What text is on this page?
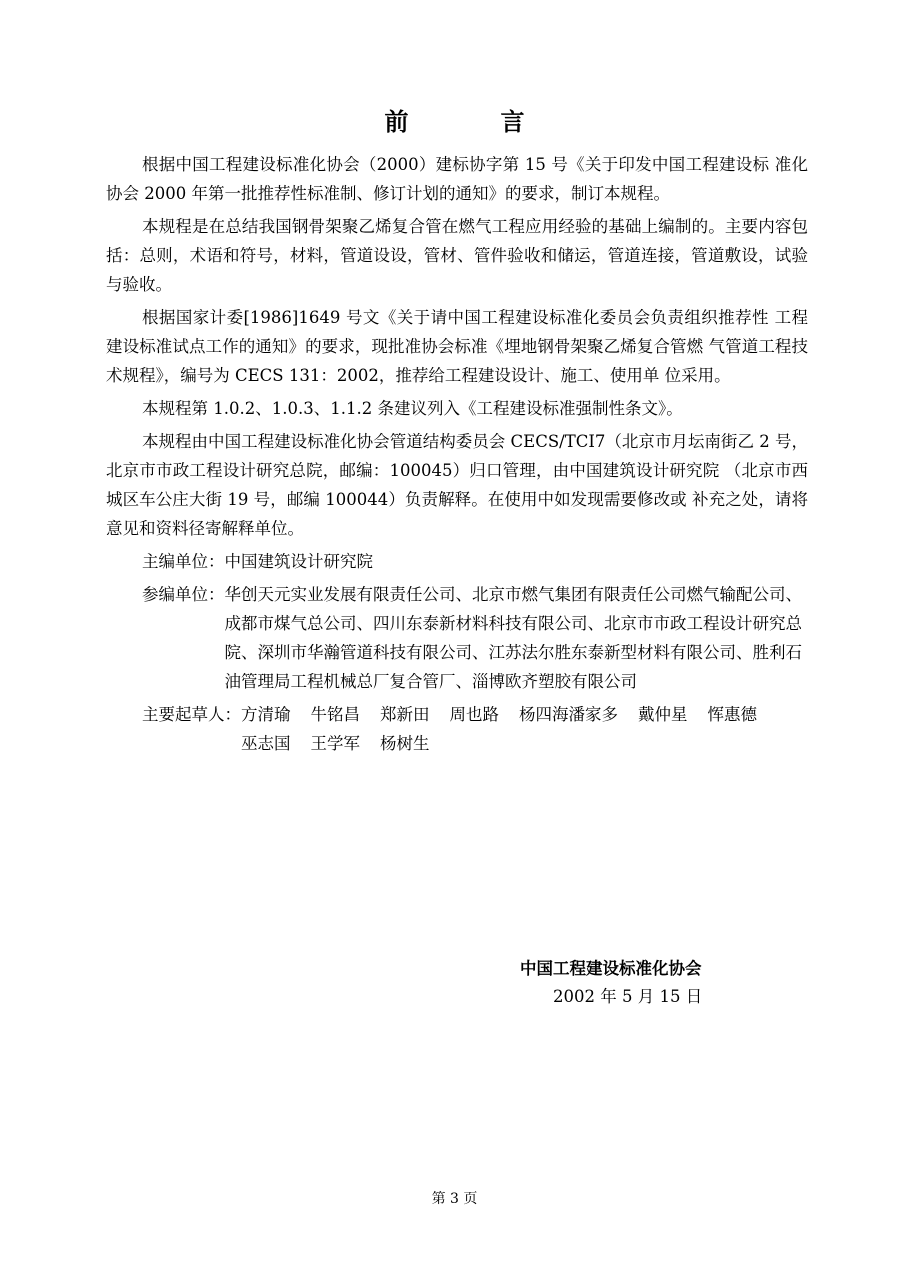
前　言

根据中国工程建设标准化协会（2000）建标协字第 15 号《关于印发中国工程建设标 准化协会 2000 年第一批推荐性标准制、修订计划的通知》的要求，制订本规程。

本规程是在总结我国钢骨架聚乙烯复合管在燃气工程应用经验的基础上编制的。主要内容包括：总则，术语和符号，材料，管道设设，管材、管件验收和储运，管道连接，管道敷设，试验与验收。

根据国家计委[1986]1649 号文《关于请中国工程建设标准化委员会负责组织推荐性 工程建设标准试点工作的通知》的要求，现批准协会标准《埋地钢骨架聚乙烯复合管燃 气管道工程技术规程》，编号为 CECS 131：2002，推荐给工程建设设计、施工、使用单 位采用。

本规程第 1.0.2、1.0.3、1.1.2 条建议列入《工程建设标准强制性条文》。

本规程由中国工程建设标准化协会管道结构委员会 CECS/TCI7（北京市月坛南街乙 2 号，北京市市政工程设计研究总院，邮编：100045）归口管理，由中国建筑设计研究院 （北京市西城区车公庄大街 19 号，邮编 100044）负责解释。在使用中如发现需要修改或 补充之处，请将意见和资料径寄解释单位。

主编单位： 中国建筑设计研究院
参编单位： 华创天元实业发展有限责任公司、北京市燃气集团有限责任公司燃气输配公司、成都市煤气总公司、四川东泰新材料科技有限公司、北京市市政工程设计研究总院、深圳市华瀚管道科技有限公司、江苏法尔胜东泰新型材料有限公司、胜利石油管理局工程机械总厂复合管厂、淄博欧齐塑胶有限公司
主要起草人： 方清瑜 牛铭昌 郑新田 周也路 杨四海潘家多 戴仲星 恽惠德
巫志国 王学军 杨树生
中国工程建设标准化协会
2002 年 5 月 15 日
第 3 页
